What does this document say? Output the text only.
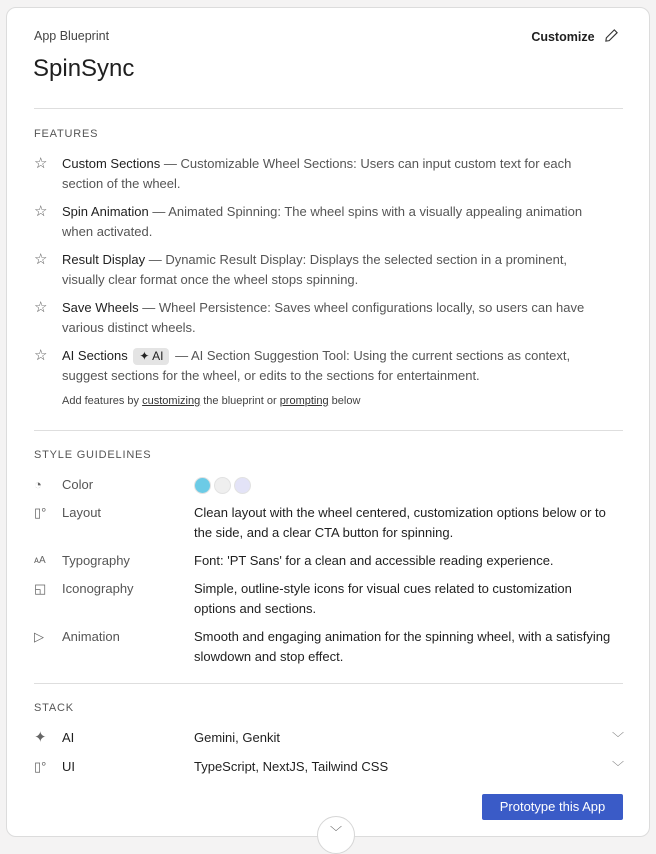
App Blueprint
SpinSync
Customize
FEATURES
☆ Custom Sections — Customizable Wheel Sections: Users can input custom text for each section of the wheel.
☆ Spin Animation — Animated Spinning: The wheel spins with a visually appealing animation when activated.
☆ Result Display — Dynamic Result Display: Displays the selected section in a prominent, visually clear format once the wheel stops spinning.
☆ Save Wheels — Wheel Persistence: Saves wheel configurations locally, so users can have various distinct wheels.
☆ AI Sections ✦ AI — AI Section Suggestion Tool: Using the current sections as context, suggest sections for the wheel, or edits to the sections for entertainment.
Add features by customizing the blueprint or prompting below
STYLE GUIDELINES
◔	Color
▯° Layout	Clean layout with the wheel centered, customization options below or to the side, and a clear CTA button for spinning.
ᴀA	Typography	Font: 'PT Sans' for a clean and accessible reading experience.
◱ Iconography	Simple, outline-style icons for visual cues related to customization options and sections.
▷	Animation	Smooth and engaging animation for the spinning wheel, with a satisfying slowdown and stop effect.
STACK
✦ AI	Gemini, Genkit	﹀
▯° UI	TypeScript, NextJS, Tailwind CSS	﹀
Prototype this App
﹀
